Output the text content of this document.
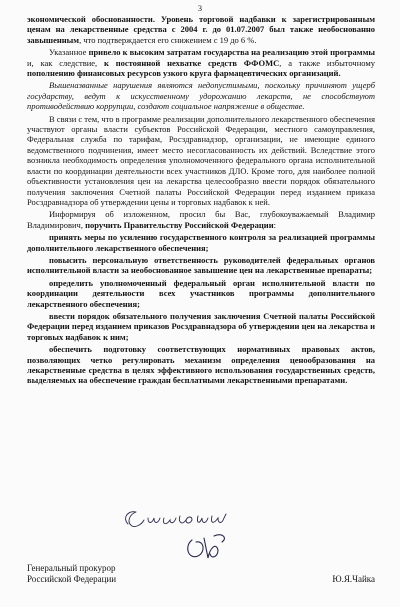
3

экономической обоснованности. Уровень торговой надбавки к зарегистрированным ценам на лекарственные средства с 2004 г. до 01.07.2007 был также необоснованно завышенным, что подтверждается его снижением с 19 до 6 %.

Указанное привело к высоким затратам государства на реализацию этой программы и, как следствие, к постоянной нехватке средств ФФОМС, а также избыточному пополнению финансовых ресурсов узкого круга фармацевтических организаций.

Вышеназванные нарушения являются недопустимыми, поскольку причиняют ущерб государству, ведут к искусственному удорожанию лекарств, не способствуют противодействию коррупции, создают социальное напряжение в обществе.

В связи с тем, что в программе реализации дополнительного лекарственного обеспечения участвуют органы власти субъектов Российской Федерации, местного самоуправления, Федеральная служба по тарифам, Росздравнадзор, организации, не имеющие единого ведомственного подчинения, имеет место несогласованность их действий. Вследствие этого возникла необходимость определения уполномоченного федерального органа исполнительной власти по координации деятельности всех участников ДЛО. Кроме того, для наиболее полной объективности установления цен на лекарства целесообразно ввести порядок обязательного получения заключения Счетной палаты Российской Федерации перед изданием приказа Росздравнадзора об утверждении цены и торговых надбавок к ней.

Информируя об изложенном, просил бы Вас, глубокоуважаемый Владимир Владимирович, поручить Правительству Российской Федерации:

принять меры по усилению государственного контроля за реализацией программы дополнительного лекарственного обеспечения;

повысить персональную ответственность руководителей федеральных органов исполнительной власти за необоснованное завышение цен на лекарственные препараты;

определить уполномоченный федеральный орган исполнительной власти по координации деятельности всех участников программы дополнительного лекарственного обеспечения;

ввести порядок обязательного получения заключения Счетной палаты Российской Федерации перед изданием приказов Росздравнадзора об утверждении цен на лекарства и торговых надбавок к ним;

обеспечить подготовку соответствующих нормативных правовых актов, позволяющих четко регулировать механизм определения ценообразования на лекарственные средства в целях эффективного использования государственных средств, выделяемых на обеспечение граждан бесплатными лекарственными препаратами.

Генеральный прокурор
Российской Федерации	Ю.Я.Чайка
